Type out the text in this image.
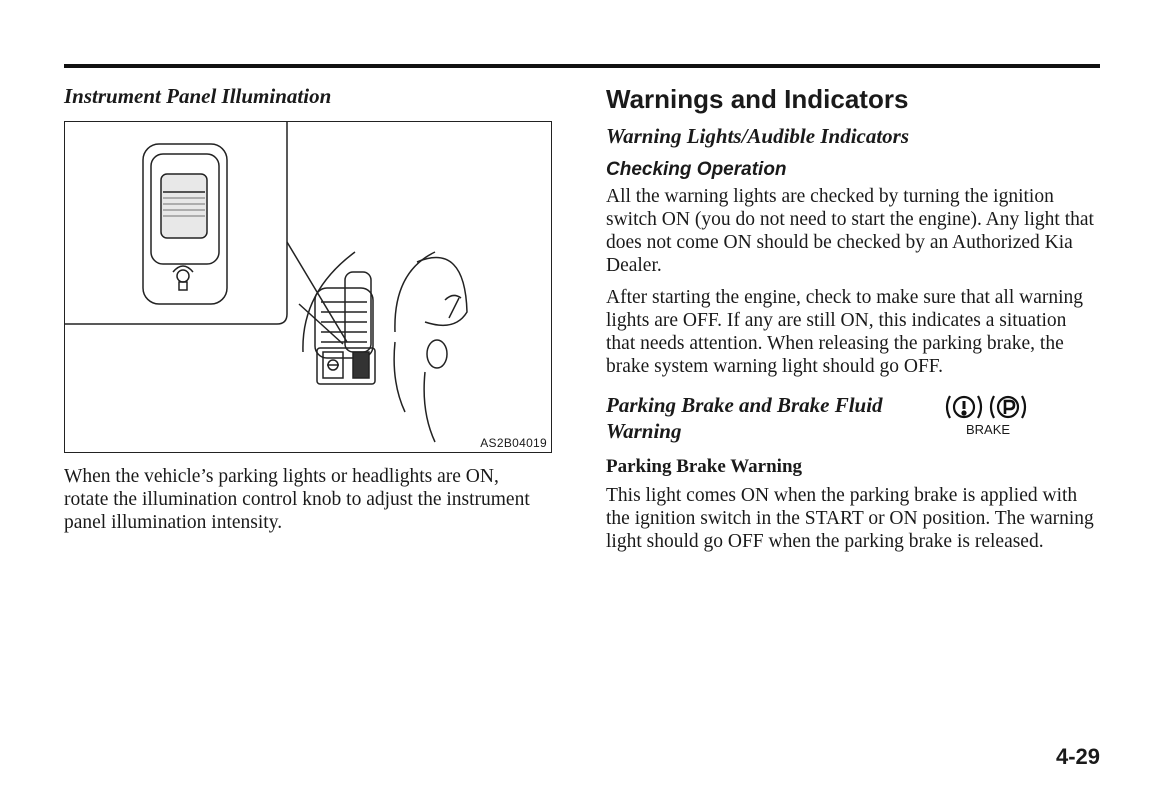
Instrument Panel Illumination
AS2B04019

When the vehicle’s parking lights or headlights are ON, rotate the illumination control knob to adjust the instrument panel illumination intensity.

Warnings and Indicators
Warning Lights/Audible Indicators
Checking Operation

All the warning lights are checked by turning the ignition switch ON (you do not need to start the engine). Any light that does not come ON should be checked by an Authorized Kia Dealer.

After starting the engine, check to make sure that all warning lights are OFF. If any are still ON, this indicates a situation that needs attention. When releasing the parking brake, the brake system warning light should go OFF.

Parking Brake and Brake Fluid
Warning	BRAKE
Parking Brake Warning

This light comes ON when the parking brake is applied with the ignition switch in the START or ON position. The warning light should go OFF when the parking brake is released.

4-29
